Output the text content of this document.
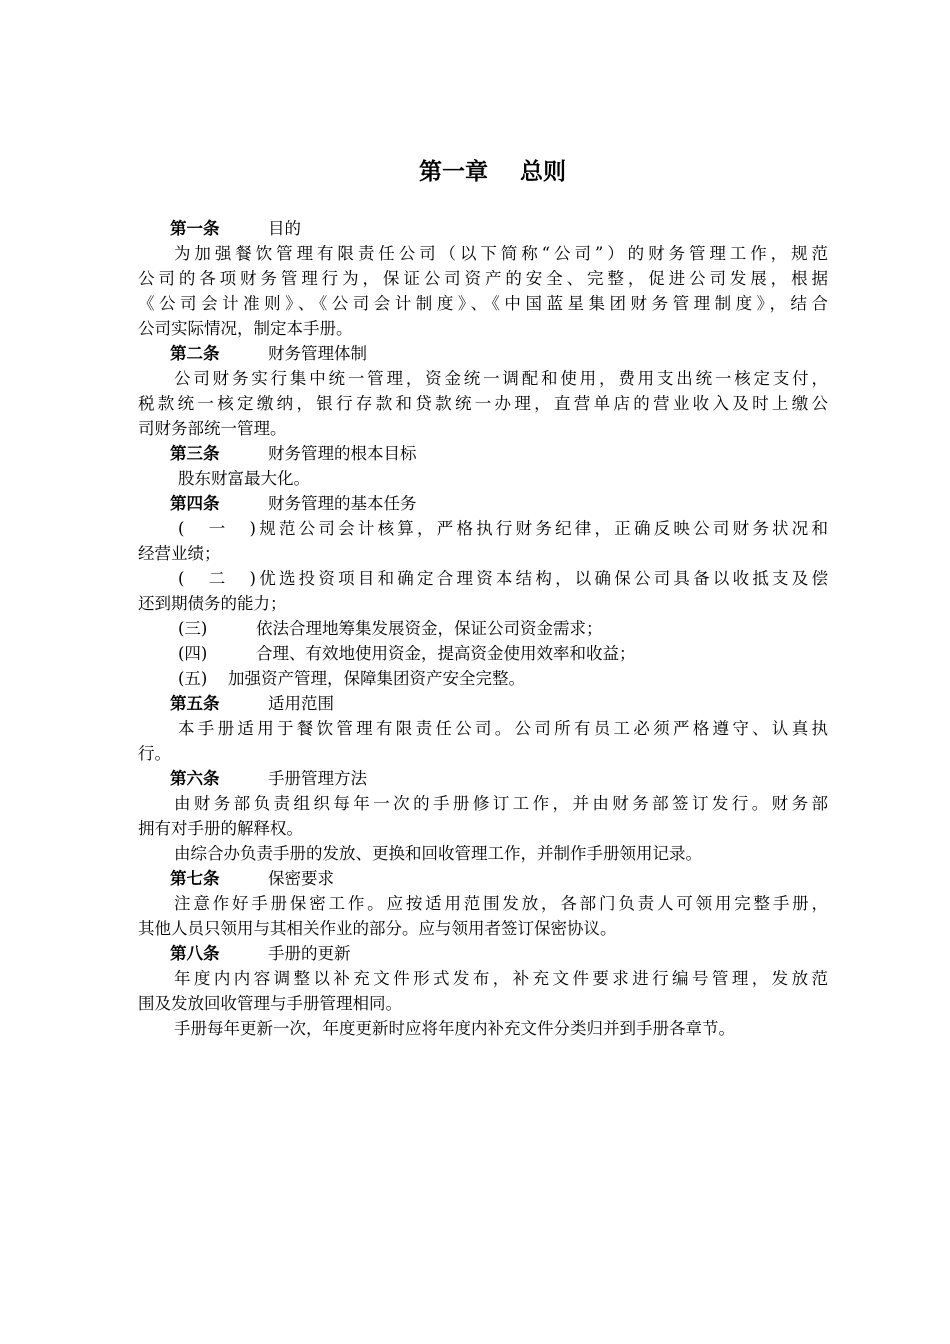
第一章    总则
第一条	目的
为加强餐饮管理有限责任公司（以下简称“公司”）的财务管理工作，规范
公司的各项财务管理行为，保证公司资产的安全、完整，促进公司发展，根据
《公司会计准则》、《公司会计制度》、《中国蓝星集团财务管理制度》，结合
公司实际情况，制定本手册。
第二条	财务管理体制
公司财务实行集中统一管理，资金统一调配和使用，费用支出统一核定支付，
税款统一核定缴纳，银行存款和贷款统一办理，直营单店的营业收入及时上缴公
司财务部统一管理。
第三条	财务管理的根本目标
股东财富最大化。
第四条	财务管理的基本任务
(一)规范公司会计核算，严格执行财务纪律，正确反映公司财务状况和
经营业绩；
(二)优选投资项目和确定合理资本结构，以确保公司具备以收抵支及偿
还到期债务的能力；
(三)	依法合理地筹集发展资金，保证公司资金需求；
(四)	合理、有效地使用资金，提高资金使用效率和收益；
(五) 加强资产管理，保障集团资产安全完整。
第五条	适用范围
本手册适用于餐饮管理有限责任公司。公司所有员工必须严格遵守、认真执
行。
第六条	手册管理方法
由财务部负责组织每年一次的手册修订工作，并由财务部签订发行。财务部
拥有对手册的解释权。
由综合办负责手册的发放、更换和回收管理工作，并制作手册领用记录。
第七条	保密要求
注意作好手册保密工作。应按适用范围发放，各部门负责人可领用完整手册，
其他人员只领用与其相关作业的部分。应与领用者签订保密协议。
第八条	手册的更新
年度内内容调整以补充文件形式发布，补充文件要求进行编号管理，发放范
围及发放回收管理与手册管理相同。
手册每年更新一次，年度更新时应将年度内补充文件分类归并到手册各章节。
